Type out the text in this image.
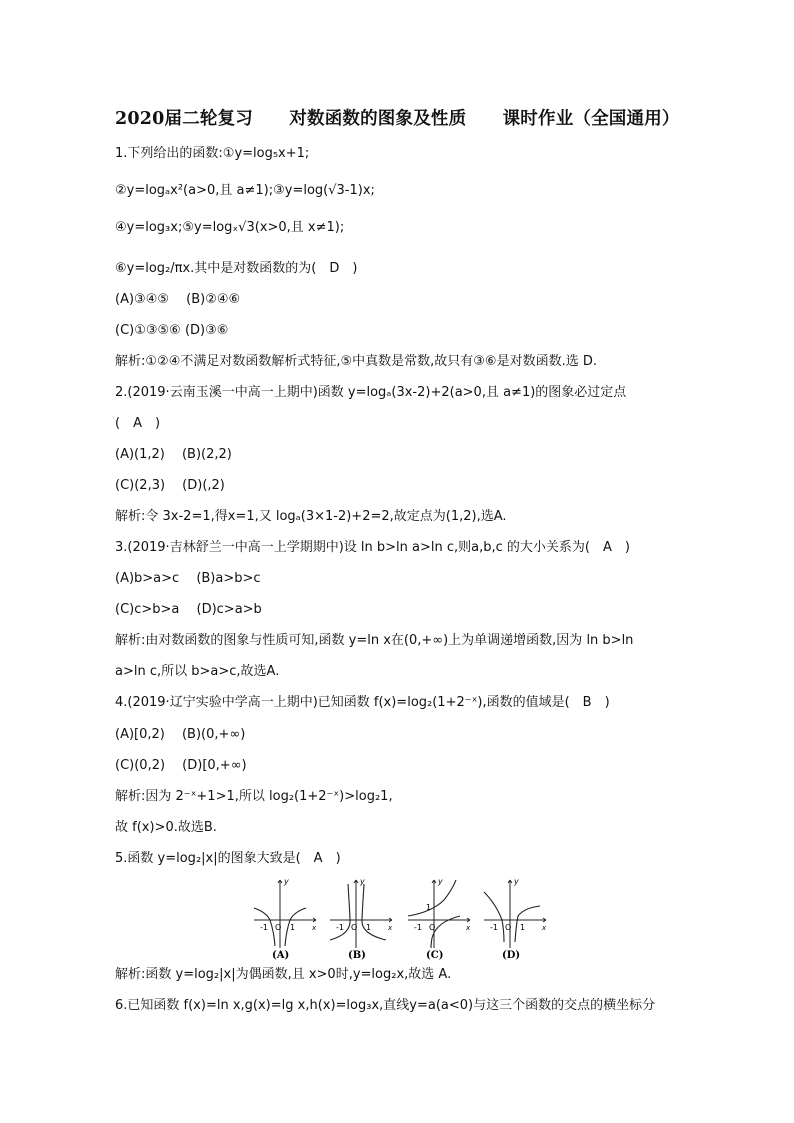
2020届二轮复习 对数函数的图象及性质 课时作业（全国通用）
1.下列给出的函数:①y=log₅x+1;
②y=logₐx²(a>0,且 a≠1);③y=log(√3-1)x;
④y=log₃x;⑤y=logₓ√3(x>0,且 x≠1);
⑥y=log₂/πx.其中是对数函数的为(　D　)
(A)③④⑤　 (B)②④⑥
(C)①③⑤⑥ (D)③⑥
解析:①②④不满足对数函数解析式特征,⑤中真数是常数,故只有③⑥是对数函数.选 D.
2.(2019·云南玉溪一中高一上期中)函数 y=logₐ(3x-2)+2(a>0,且 a≠1)的图象必过定点
(　A　)
(A)(1,2)　 (B)(2,2)
(C)(2,3)　 (D)(,2)
解析:令 3x-2=1,得x=1,又 logₐ(3×1-2)+2=2,故定点为(1,2),选A.
3.(2019·吉林舒兰一中高一上学期期中)设 ln b>ln a>ln c,则a,b,c 的大小关系为(　A　)
(A)b>a>c　 (B)a>b>c
(C)c>b>a　 (D)c>a>b
解析:由对数函数的图象与性质可知,函数 y=ln x在(0,+∞)上为单调递增函数,因为 ln b>ln
a>ln c,所以 b>a>c,故选A.
4.(2019·辽宁实验中学高一上期中)已知函数 f(x)=log₂(1+2⁻ˣ),函数的值域是(　B　)
(A)[0,2)　 (B)(0,+∞)
(C)(0,2)　 (D)[0,+∞)
解析:因为 2⁻ˣ+1>1,所以 log₂(1+2⁻ˣ)>log₂1,
故 f(x)>0.故选B.
5.函数 y=log₂|x|的图象大致是(　A　)
y
x
-1 O 1
(A)
y
x
-1 O 1
(B)
y
x
-1 O
1
(C)
y
x
-1 O 1
(D)
解析:函数 y=log₂|x|为偶函数,且 x>0时,y=log₂x,故选 A.
6.已知函数 f(x)=ln x,g(x)=lg x,h(x)=log₃x,直线y=a(a<0)与这三个函数的交点的横坐标分
